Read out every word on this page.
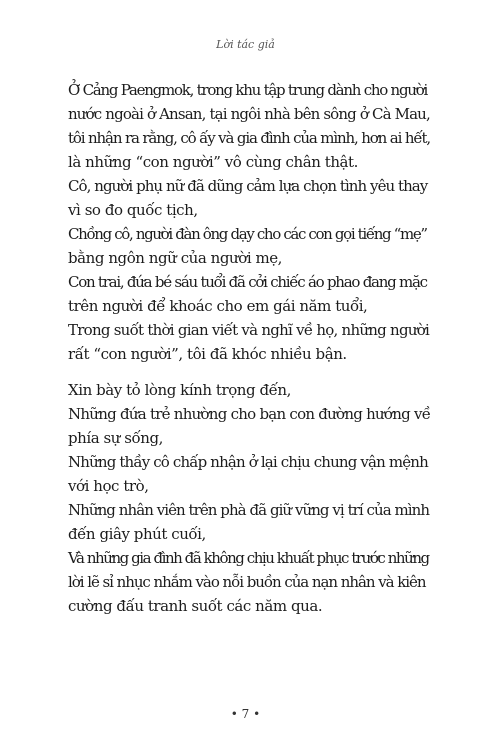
Lời tác giả
Ở Cảng Paengmok, trong khu tập trung dành cho người
nước ngoài ở Ansan, tại ngôi nhà bên sông ở Cà Mau,
tôi nhận ra rằng, cô ấy và gia đình của mình, hơn ai hết,
là những “con người” vô cùng chân thật.
Cô, người phụ nữ đã dũng cảm lựa chọn tình yêu thay
vì so đo quốc tịch,
Chồng cô, người đàn ông dạy cho các con gọi tiếng “mẹ”
bằng ngôn ngữ của người mẹ,
Con trai, đứa bé sáu tuổi đã cởi chiếc áo phao đang mặc
trên người để khoác cho em gái năm tuổi,
Trong suốt thời gian viết và nghĩ về họ, những người
rất “con người”, tôi đã khóc nhiều bận.
Xin bày tỏ lòng kính trọng đến,
Những đứa trẻ nhường cho bạn con đường hướng về
phía sự sống,
Những thầy cô chấp nhận ở lại chịu chung vận mệnh
với học trò,
Những nhân viên trên phà đã giữ vững vị trí của mình
đến giây phút cuối,
Và những gia đình đã không chịu khuất phục trước những
lời lẽ sỉ nhục nhắm vào nỗi buồn của nạn nhân và kiên
cường đấu tranh suốt các năm qua.
• 7 •
